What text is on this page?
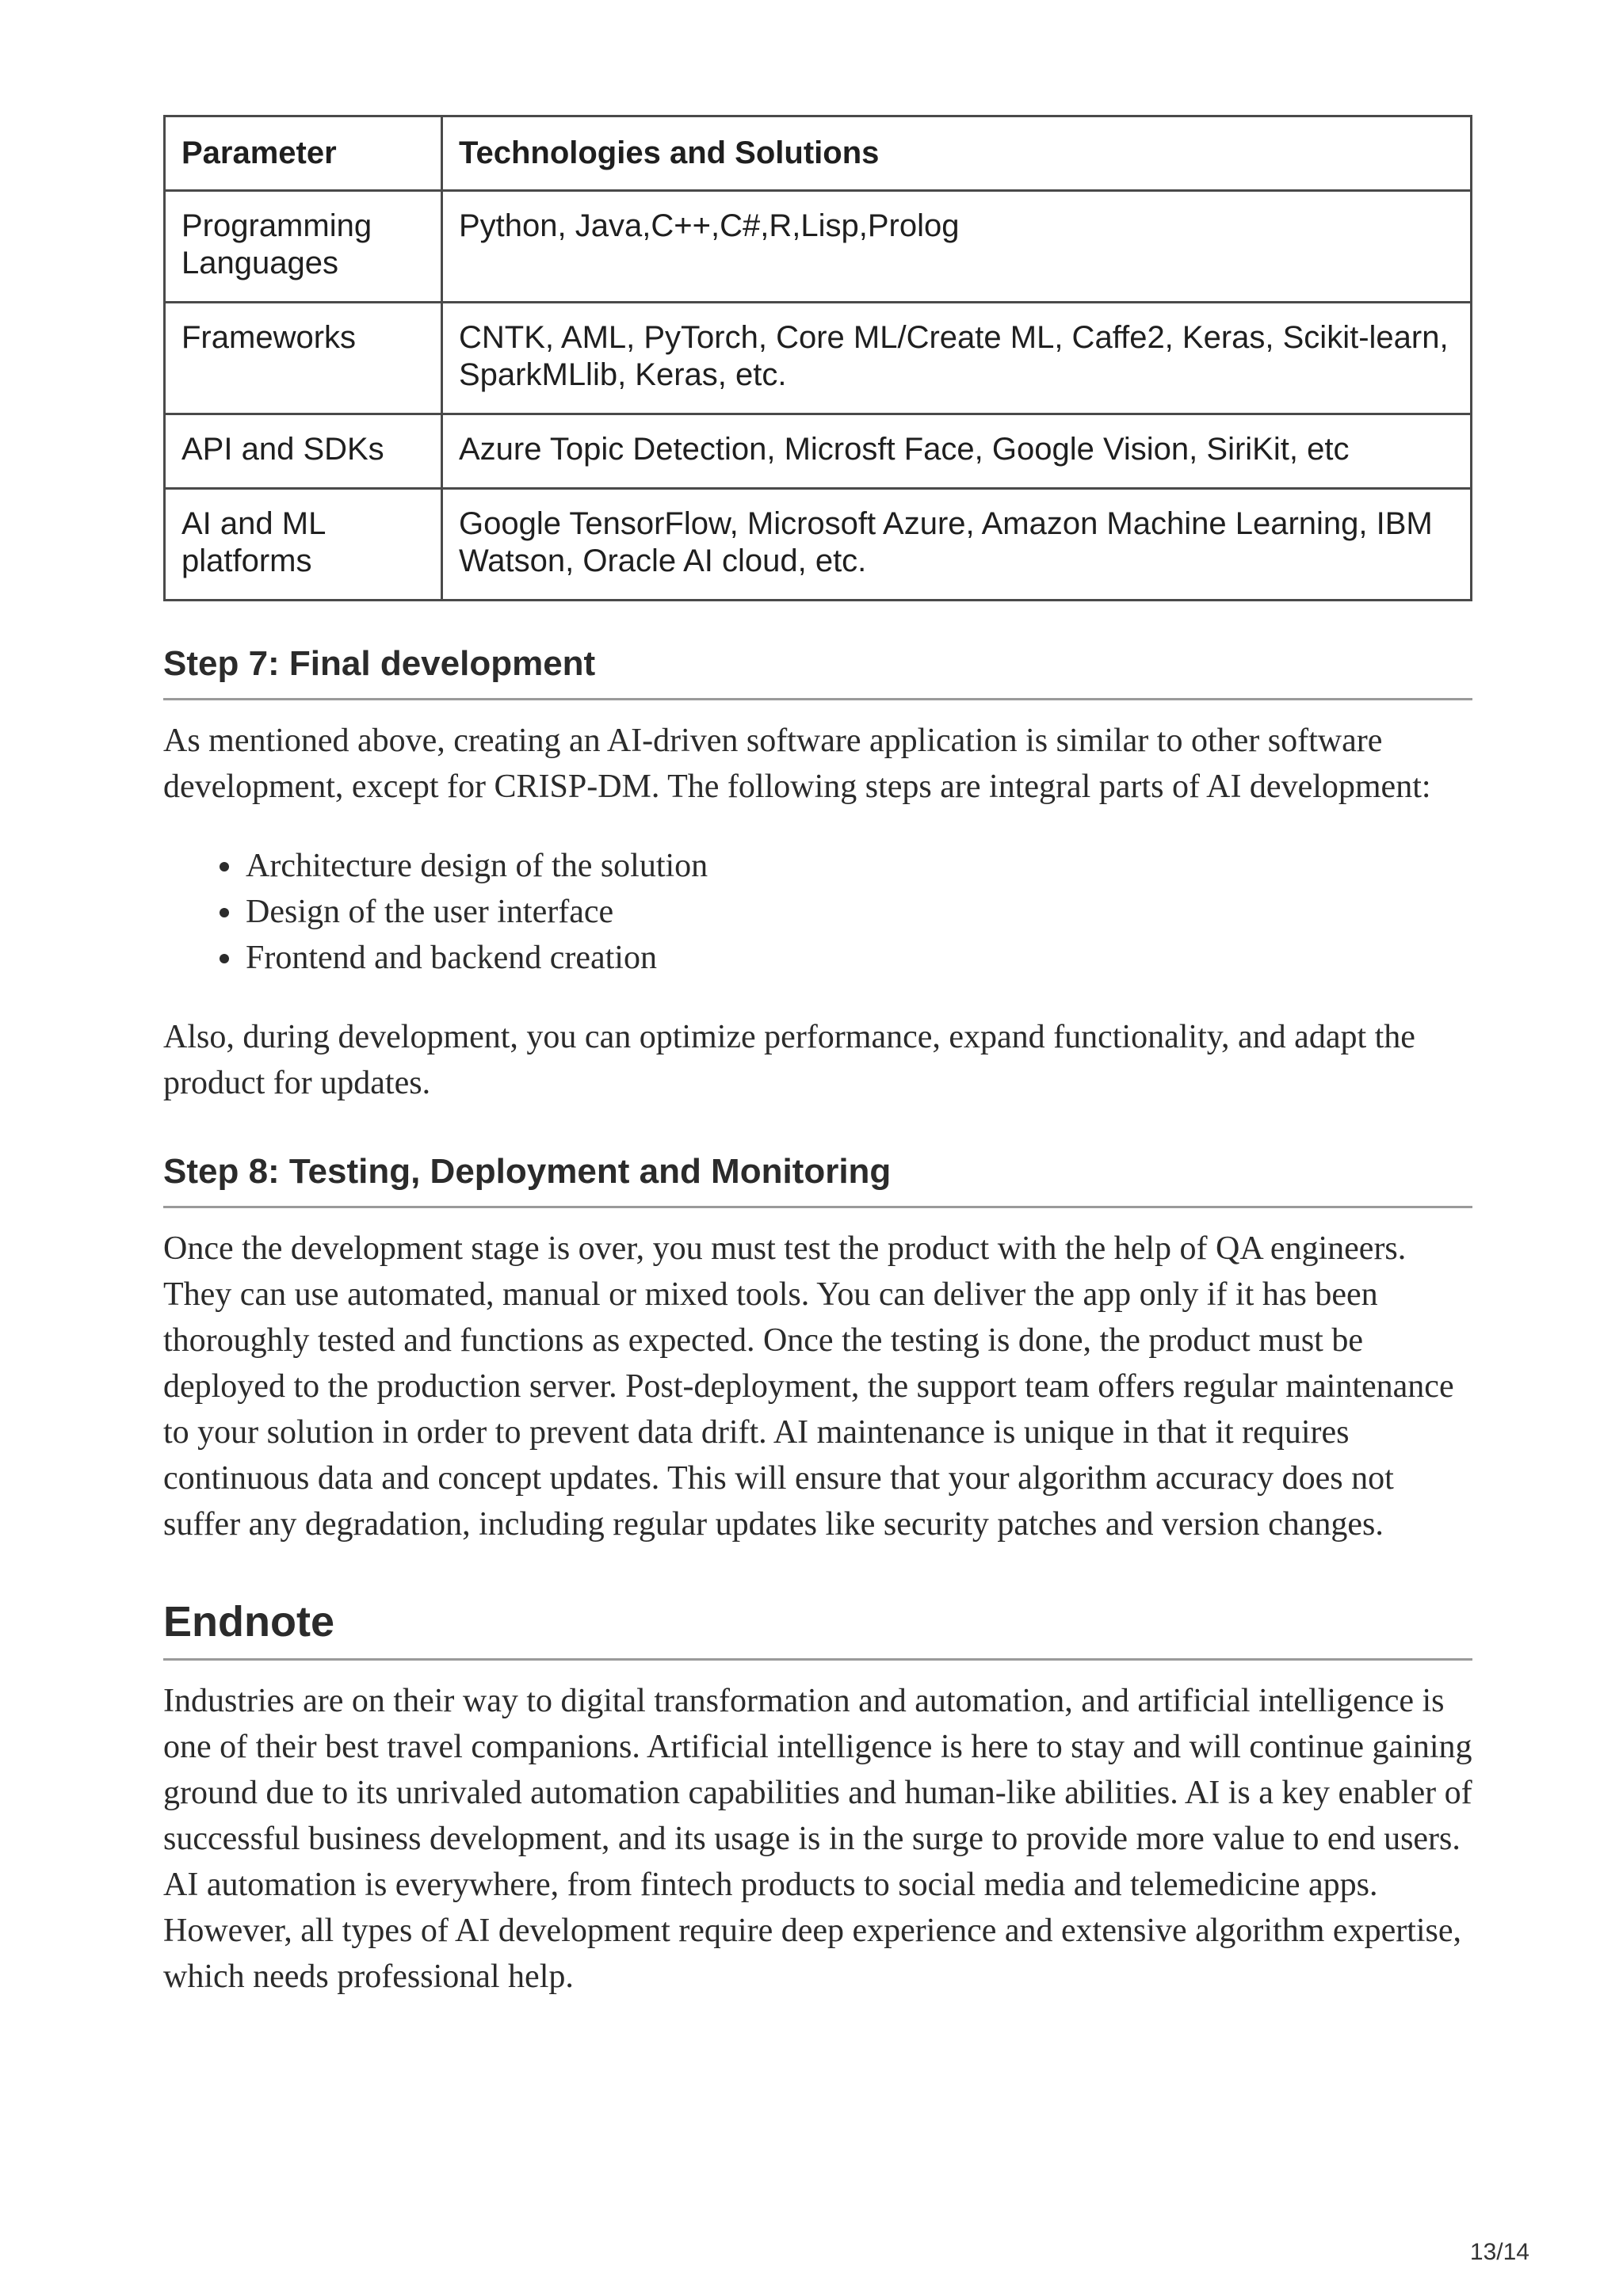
Parameter	Technologies and Solutions
Programming Languages	Python, Java,C++,C#,R,Lisp,Prolog
Frameworks	CNTK, AML, PyTorch, Core ML/Create ML, Caffe2, Keras, Scikit-learn, SparkMLlib, Keras, etc.
API and SDKs	Azure Topic Detection, Microsft Face, Google Vision, SiriKit, etc
AI and ML platforms	Google TensorFlow, Microsoft Azure, Amazon Machine Learning, IBM Watson, Oracle AI cloud, etc.
Step 7: Final development

As mentioned above, creating an AI-driven software application is similar to other software development, except for CRISP-DM. The following steps are integral parts of AI development:

• Architecture design of the solution
• Design of the user interface
• Frontend and backend creation

Also, during development, you can optimize performance, expand functionality, and adapt the product for updates.

Step 8: Testing, Deployment and Monitoring

Once the development stage is over, you must test the product with the help of QA engineers. They can use automated, manual or mixed tools. You can deliver the app only if it has been thoroughly tested and functions as expected. Once the testing is done, the product must be deployed to the production server. Post-deployment, the support team offers regular maintenance to your solution in order to prevent data drift. AI maintenance is unique in that it requires continuous data and concept updates. This will ensure that your algorithm accuracy does not suffer any degradation, including regular updates like security patches and version changes.

Endnote

Industries are on their way to digital transformation and automation, and artificial intelligence is one of their best travel companions. Artificial intelligence is here to stay and will continue gaining ground due to its unrivaled automation capabilities and human-like abilities. AI is a key enabler of successful business development, and its usage is in the surge to provide more value to end users. AI automation is everywhere, from fintech products to social media and telemedicine apps. However, all types of AI development require deep experience and extensive algorithm expertise, which needs professional help.

13/14
